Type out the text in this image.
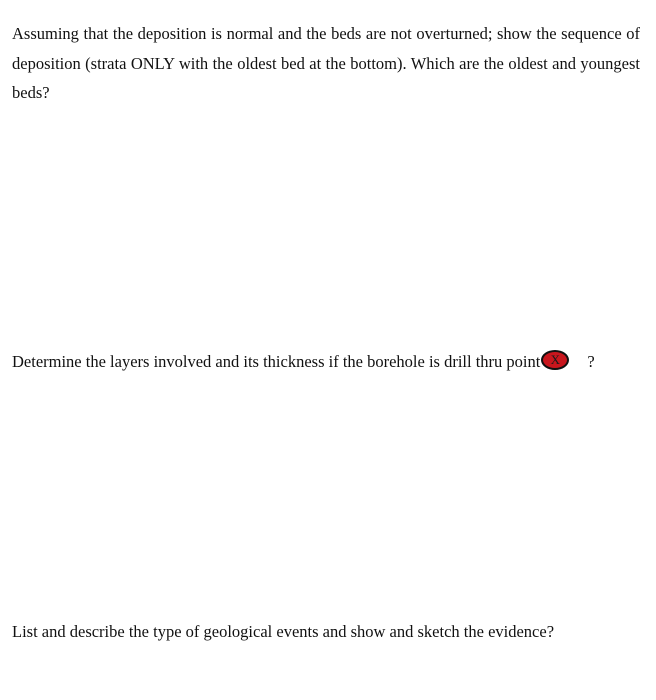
Assuming that the deposition is normal and the beds are not overturned; show the sequence of deposition (strata ONLY with the oldest bed at the bottom). Which are the oldest and youngest beds?

Determine the layers involved and its thickness if the borehole is drill thru point X	?

List and describe the type of geological events and show and sketch the evidence?
